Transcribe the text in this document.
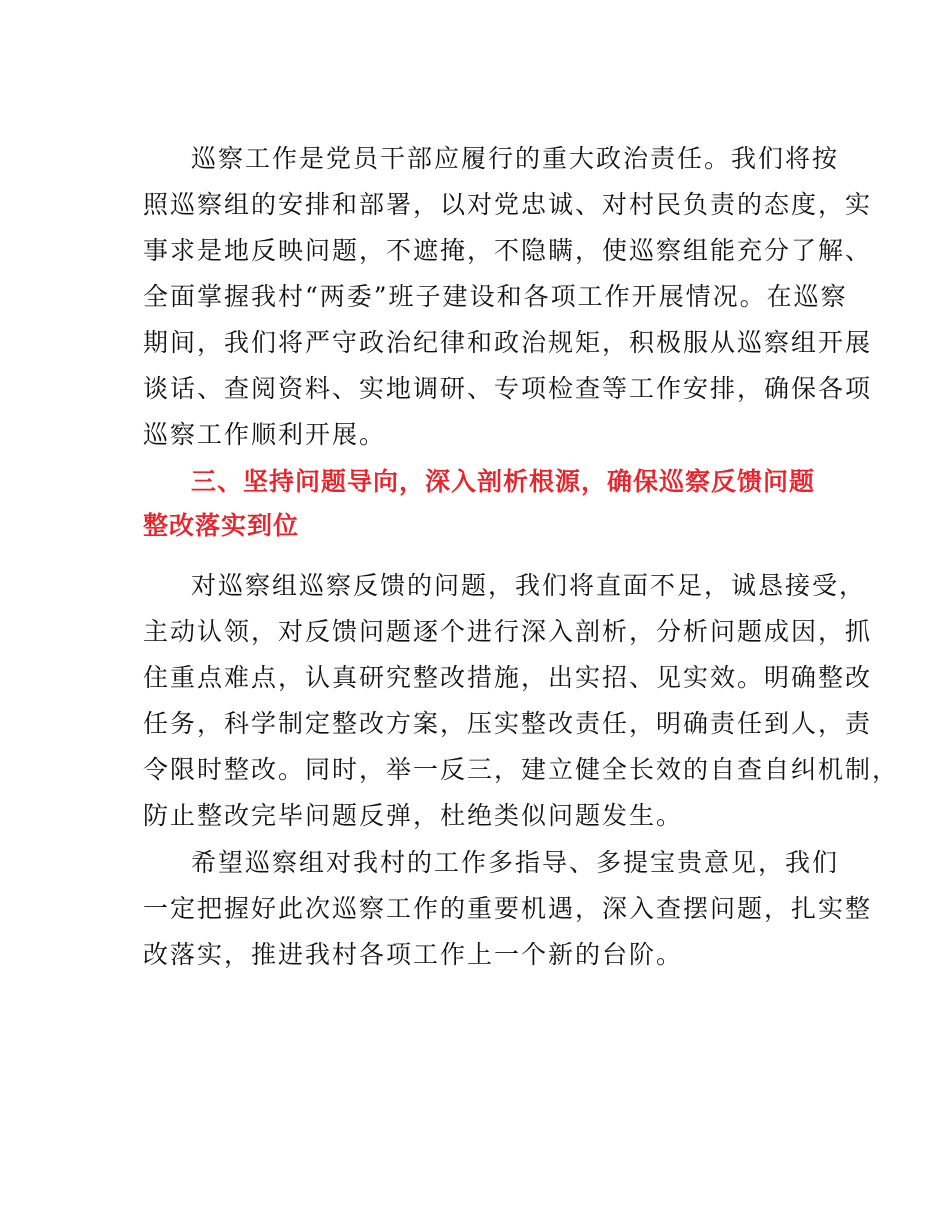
巡察工作是党员干部应履行的重大政治责任。我们将按
照巡察组的安排和部署，以对党忠诚、对村民负责的态度，实
事求是地反映问题，不遮掩，不隐瞒，使巡察组能充分了解、
全面掌握我村“两委”班子建设和各项工作开展情况。在巡察
期间，我们将严守政治纪律和政治规矩，积极服从巡察组开展
谈话、查阅资料、实地调研、专项检查等工作安排，确保各项
巡察工作顺利开展。
三、坚持问题导向，深入剖析根源，确保巡察反馈问题
整改落实到位
对巡察组巡察反馈的问题，我们将直面不足，诚恳接受，
主动认领，对反馈问题逐个进行深入剖析，分析问题成因，抓
住重点难点，认真研究整改措施，出实招、见实效。明确整改
任务，科学制定整改方案，压实整改责任，明确责任到人，责
令限时整改。同时，举一反三，建立健全长效的自查自纠机制，
防止整改完毕问题反弹，杜绝类似问题发生。
希望巡察组对我村的工作多指导、多提宝贵意见，我们
一定把握好此次巡察工作的重要机遇，深入查摆问题，扎实整
改落实，推进我村各项工作上一个新的台阶。
